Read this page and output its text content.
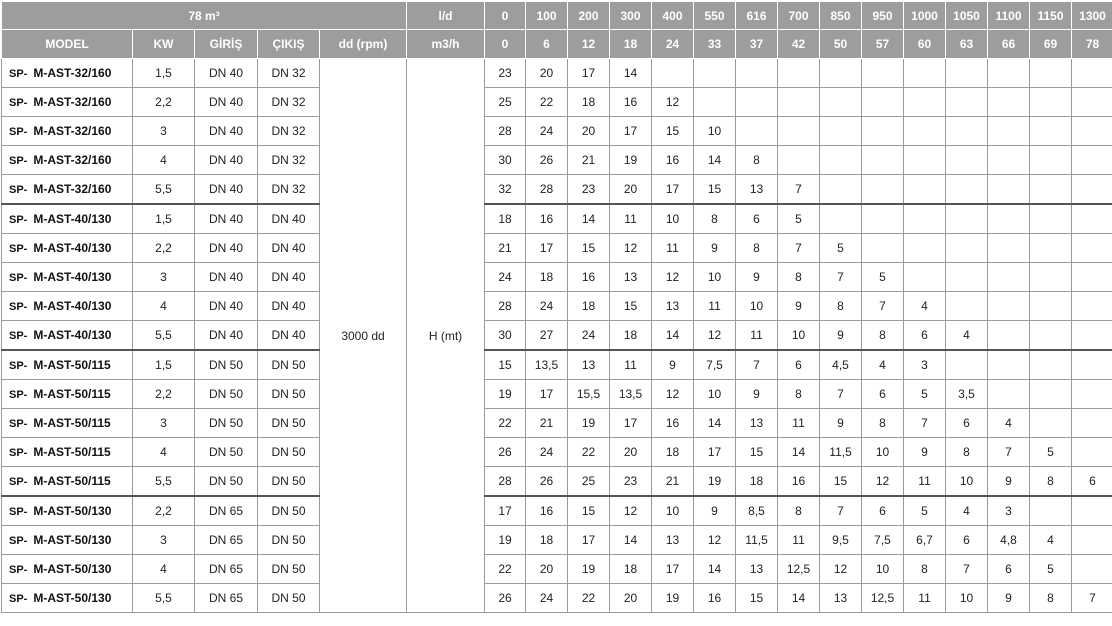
78 m³					l/d	0	100	200	300	400	550	616	700	850	950	1000	1050	1100	1150	1300
MODEL	KW	GİRİŞ	ÇIKIŞ	dd (rpm)	m3/h	0	6	12	18	24	33	37	42	50	57	60	63	66	69	78
SP- M-AST-32/160	1,5	DN 40	DN 32	3000 dd	H (mt)	23	20	17	14											
SP- M-AST-32/160	2,2	DN 40	DN 32			25	22	18	16	12										
SP- M-AST-32/160	3	DN 40	DN 32			28	24	20	17	15	10									
SP- M-AST-32/160	4	DN 40	DN 32			30	26	21	19	16	14	8								
SP- M-AST-32/160	5,5	DN 40	DN 32			32	28	23	20	17	15	13	7							
SP- M-AST-40/130	1,5	DN 40	DN 40			18	16	14	11	10	8	6	5							
SP- M-AST-40/130	2,2	DN 40	DN 40			21	17	15	12	11	9	8	7	5						
SP- M-AST-40/130	3	DN 40	DN 40			24	18	16	13	12	10	9	8	7	5					
SP- M-AST-40/130	4	DN 40	DN 40			28	24	18	15	13	11	10	9	8	7	4				
SP- M-AST-40/130	5,5	DN 40	DN 40			30	27	24	18	14	12	11	10	9	8	6	4			
SP- M-AST-50/115	1,5	DN 50	DN 50			15	13,5	13	11	9	7,5	7	6	4,5	4	3				
SP- M-AST-50/115	2,2	DN 50	DN 50			19	17	15,5	13,5	12	10	9	8	7	6	5	3,5			
SP- M-AST-50/115	3	DN 50	DN 50			22	21	19	17	16	14	13	11	9	8	7	6	4		
SP- M-AST-50/115	4	DN 50	DN 50			26	24	22	20	18	17	15	14	11,5	10	9	8	7	5	
SP- M-AST-50/115	5,5	DN 50	DN 50			28	26	25	23	21	19	18	16	15	12	11	10	9	8	6
SP- M-AST-50/130	2,2	DN 65	DN 50			17	16	15	12	10	9	8,5	8	7	6	5	4	3		
SP- M-AST-50/130	3	DN 65	DN 50			19	18	17	14	13	12	11,5	11	9,5	7,5	6,7	6	4,8	4	
SP- M-AST-50/130	4	DN 65	DN 50			22	20	19	18	17	14	13	12,5	12	10	8	7	6	5	
SP- M-AST-50/130	5,5	DN 65	DN 50			26	24	22	20	19	16	15	14	13	12,5	11	10	9	8	7
